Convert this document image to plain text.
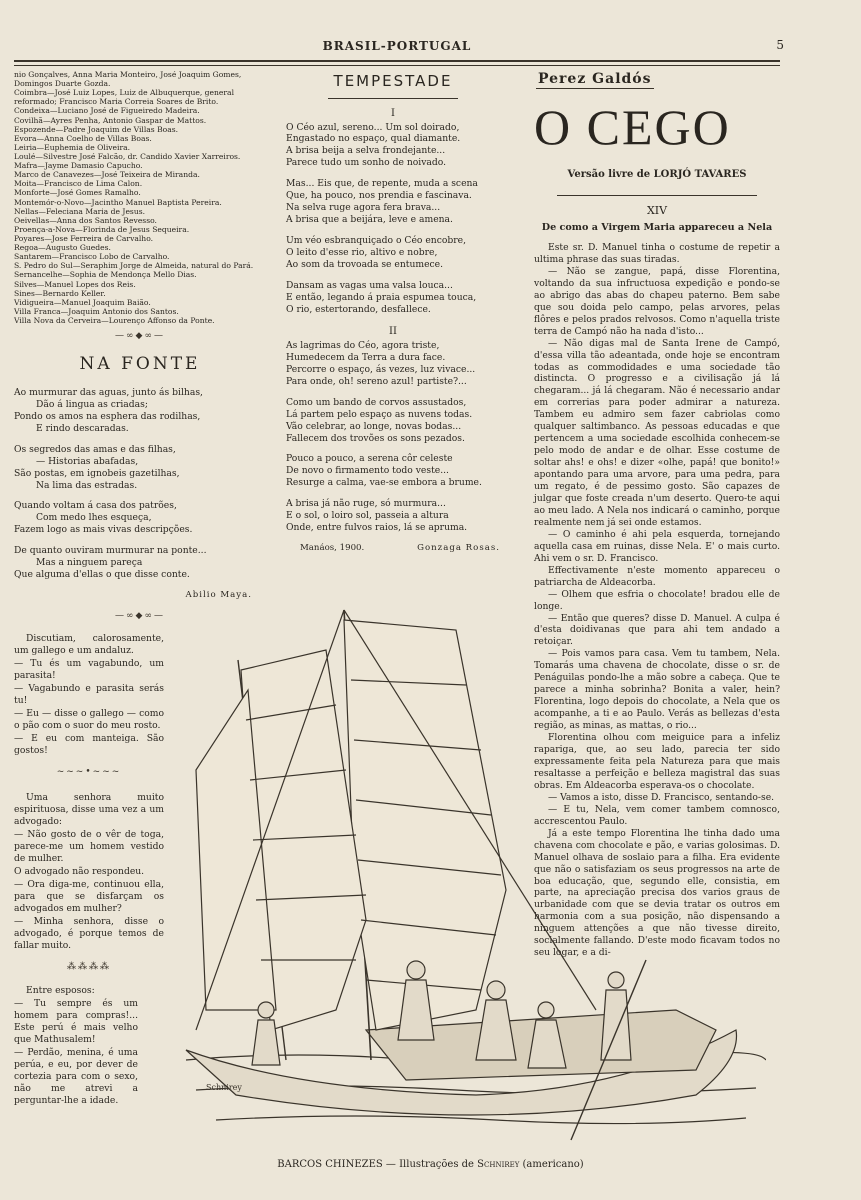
BRASIL-PORTUGAL	5

nio Gonçalves, Anna Maria Monteiro, José Joaquim Gomes,

Domingos Duarte Gozda.

Coimbra—José Luiz Lopes, Luiz de Albuquerque, general

reformado; Francisco Maria Correia Soares de Brito.

Condeixa—Luciano José de Figueiredo Madeira.

Covilhã—Ayres Penha, Antonio Gaspar de Mattos.

Espozende—Padre Joaquim de Villas Boas.

Evora—Anna Coelho de Villas Boas.

Leiria—Euphemia de Oliveira.

Loulé—Silvestre José Falcão, dr. Candido Xavier Xarreiros.

Mafra—Jayme Damasio Capucho.

Marco de Canavezes—José Teixeira de Miranda.

Moita—Francisco de Lima Calon.

Monforte—José Gomes Ramalho.

Montemór-o-Novo—Jacintho Manuel Baptista Pereira.

Nellas—Feleciana Maria de Jesus.

Oeivellas—Anna dos Santos Revesso.

Proença-a-Nova—Florinda de Jesus Sequeira.

Poyares—Jose Ferreira de Carvalho.

Regoa—Augusto Guedes.

Santarem—Francisco Lobo de Carvalho.

S. Pedro do Sul—Seraphim Jorge de Almeida, natural do Pará.

Sernancelhe—Sophia de Mendonça Mello Dias.

Silves—Manuel Lopes dos Reis.

Sines—Bernardo Keller.

Vidigueira—Manuel Joaquim Baião.

Villa Franca—Joaquim Antonio dos Santos.

Villa Nova da Cerveira—Lourenço Affonso da Ponte.

—∞◆∞—
NA FONTE
Ao murmurar das aguas, junto ás bilhas,
Dão á lingua as criadas;
Pondo os amos na esphera das rodilhas,
E rindo descaradas.
Os segredos das amas e das filhas,
— Historias abafadas,
São postas, em ignobeis gazetilhas,
Na lima das estradas.
Quando voltam á casa dos patrões,
Com medo lhes esqueça,
Fazem logo as mais vivas descripções.
De quanto ouviram murmurar na ponte...
Mas a ninguem pareça
Que alguma d'ellas o que disse conte.
Abilio Maya.
—∞◆∞—

Discutiam, calorosamente, um gallego e um andaluz.

— Tu és um vagabundo, um parasita!

— Vagabundo e parasita serás tu!

— Eu — disse o gallego — como o pão com o suor do meu rosto.

— E eu com manteiga. São gostos!

~~~•~~~

Uma senhora muito espirituosa, disse uma vez a um advogado:

— Não gosto de o vêr de toga, parece-me um homem vestido de mulher.

O advogado não respondeu.

— Ora diga-me, continuou ella, para que se disfarçam os advogados em mulher?

— Minha senhora, disse o advogado, é porque temos de fallar muito.

⁂⁂⁂⁂

Entre esposos:

— Tu sempre és um homem para compras!... Este perú é mais velho que Mathusalem!

— Perdão, menina, é uma perúa, e eu, por dever de cortezia para com o sexo, não me atrevi a perguntar-lhe a idade.

TEMPESTADE
I
O Céo azul, sereno... Um sol doirado,
Engastado no espaço, qual diamante.
A brisa beija a selva frondejante...
Parece tudo um sonho de noivado.
Mas... Eis que, de repente, muda a scena
Que, ha pouco, nos prendia e fascinava.
Na selva ruge agora fera brava...
A brisa que a beijára, leve e amena.
Um véo esbranquiçado o Céo encobre,
O leito d'esse rio, altivo e nobre,
Ao som da trovoada se entumece.
Dansam as vagas uma valsa louca...
E então, legando á praia espumea touca,
O rio, estertorando, desfallece.
II
As lagrimas do Céo, agora triste,
Humedecem da Terra a dura face.
Percorre o espaço, ás vezes, luz vivace...
Para onde, oh! sereno azul! partiste?...
Como um bando de corvos assustados,
Lá partem pelo espaço as nuvens todas.
Vão celebrar, ao longe, novas bodas...
Fallecem dos trovões os sons pezados.
Pouco a pouco, a serena côr celeste
De novo o firmamento todo veste...
Resurge a calma, vae-se embora a brume.
A brisa já não ruge, só murmura...
E o sol, o loiro sol, passeia a altura
Onde, entre fulvos raios, lá se apruma.
Manáos, 1900.	Gonzaga Rosas.
Perez Galdós
O CEGO
Versão livre de LORJÓ TAVARES
XIV
De como a Virgem Maria appareceu a Nela

Este sr. D. Manuel tinha o costume de repetir a ultima phrase das suas tiradas.

— Não se zangue, papá, disse Florentina, voltando da sua infructuosa expedição e pondo-se ao abrigo das abas do chapeu paterno. Bem sabe que sou doida pelo campo, pelas arvores, pelas flôres e pelos prados relvosos. Como n'aquella triste terra de Campó não ha nada d'isto...

— Não digas mal de Santa Irene de Campó, d'essa villa tão adeantada, onde hoje se encontram todas as commodidades e uma sociedade tão distincta. O progresso e a civilisação já lá chegaram... já lá chegaram. Não é necessario andar em correrias para poder admirar a natureza. Tambem eu admiro sem fazer cabriolas como qualquer saltimbanco. As pessoas educadas e que pertencem a uma sociedade escolhida conhecem-se pelo modo de andar e de olhar. Esse costume de soltar ahs! e ohs! e dizer «olhe, papá! que bonito!» apontando para uma arvore, para uma pedra, para um regato, é de pessimo gosto. São capazes de julgar que foste creada n'um deserto. Quero-te aqui ao meu lado. A Nela nos indicará o caminho, porque realmente nem já sei onde estamos.

— O caminho é ahi pela esquerda, tornejando aquella casa em ruinas, disse Nela. E' o mais curto. Ahi vem o sr. D. Francisco.

Effectivamente n'este momento appareceu o patriarcha de Aldeacorba.

— Olhem que esfria o chocolate! bradou elle de longe.

— Então que queres? disse D. Manuel. A culpa é d'esta doidivanas que para ahi tem andado a retoiçar.

— Pois vamos para casa. Vem tu tambem, Nela. Tomarás uma chavena de chocolate, disse o sr. de Penáguilas pondo-lhe a mão sobre a cabeça. Que te parece a minha sobrinha? Bonita a valer, hein? Florentina, logo depois do chocolate, a Nela que os acompanhe, a ti e ao Paulo. Verás as bellezas d'esta região, as minas, as mattas, o rio...

Florentina olhou com meiguice para a infeliz rapariga, que, ao seu lado, parecia ter sido expressamente feita pela Natureza para que mais resaltasse a perfeição e belleza magistral das suas obras. Em Aldeacorba esperava-os o chocolate.

— Vamos a isto, disse D. Francisco, sentando-se.

— E tu, Nela, vem comer tambem comnosco, accrescentou Paulo.

Já a este tempo Florentina lhe tinha dado uma chavena com chocolate e pão, e varias golosimas. D. Manuel olhava de soslaio para a filha. Era evidente que não o satisfaziam os seus progressos na arte de boa educação, que, segundo elle, consistia, em parte, na apreciação precisa dos varios graus de urbanidade com que se devia tratar os outros em harmonia com a sua posição, não dispensando a ninguem attenções a que não tivesse direito, socialmente fallando. D'este modo ficavam todos no seu logar, e a di-

Schnirey
BARCOS CHINEZES — Illustrações de Schnirey (americano)
